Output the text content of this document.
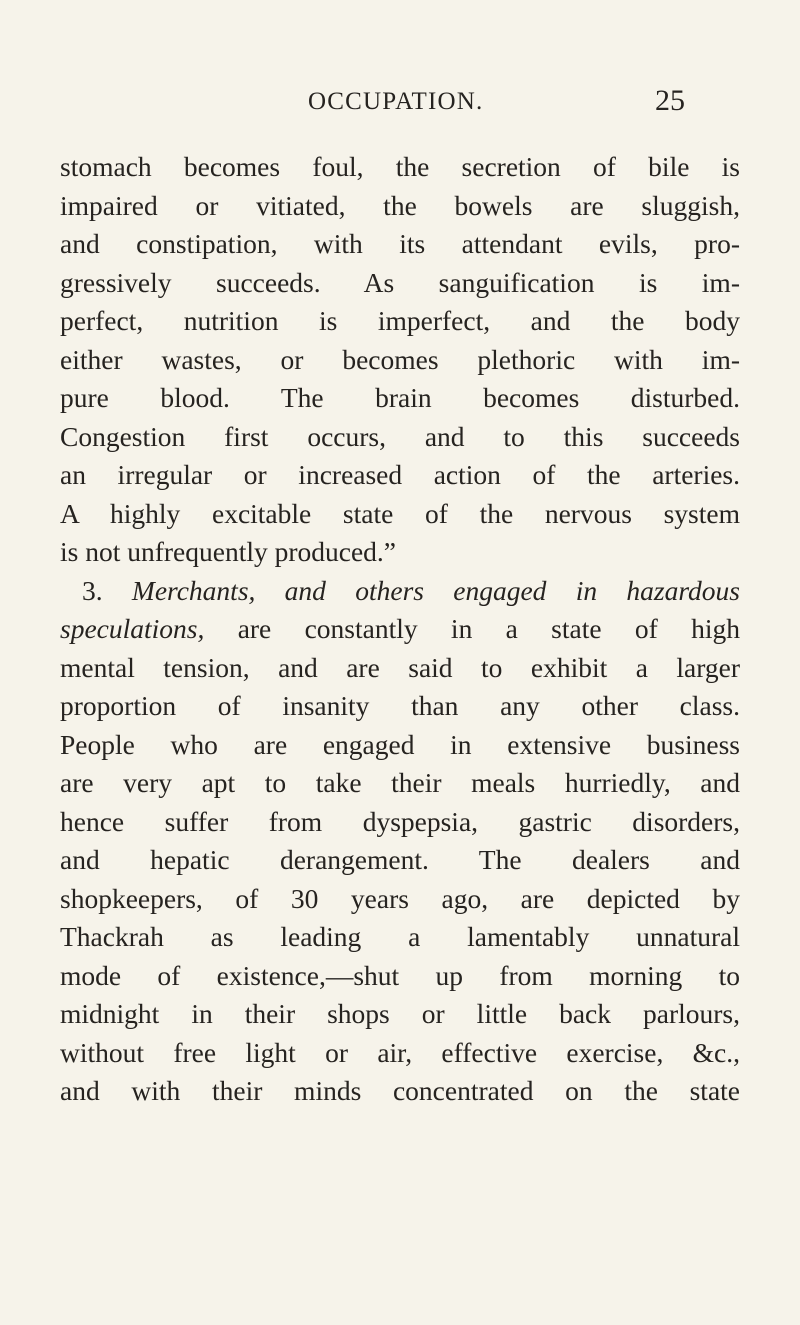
OCCUPATION.	25
stomach becomes foul, the secretion of bile is
impaired or vitiated, the bowels are sluggish,
and constipation, with its attendant evils, pro-
gressively succeeds. As sanguification is im-
perfect, nutrition is imperfect, and the body
either wastes, or becomes plethoric with im-
pure blood. The brain becomes disturbed.
Congestion first occurs, and to this succeeds
an irregular or increased action of the arteries.
A highly excitable state of the nervous system
is not unfrequently produced.”
3. Merchants, and others engaged in hazardous
speculations, are constantly in a state of high
mental tension, and are said to exhibit a larger
proportion of insanity than any other class.
People who are engaged in extensive business
are very apt to take their meals hurriedly, and
hence suffer from dyspepsia, gastric disorders,
and hepatic derangement. The dealers and
shopkeepers, of 30 years ago, are depicted by
Thackrah as leading a lamentably unnatural
mode of existence,—shut up from morning to
midnight in their shops or little back parlours,
without free light or air, effective exercise, &c.,
and with their minds concentrated on the state
